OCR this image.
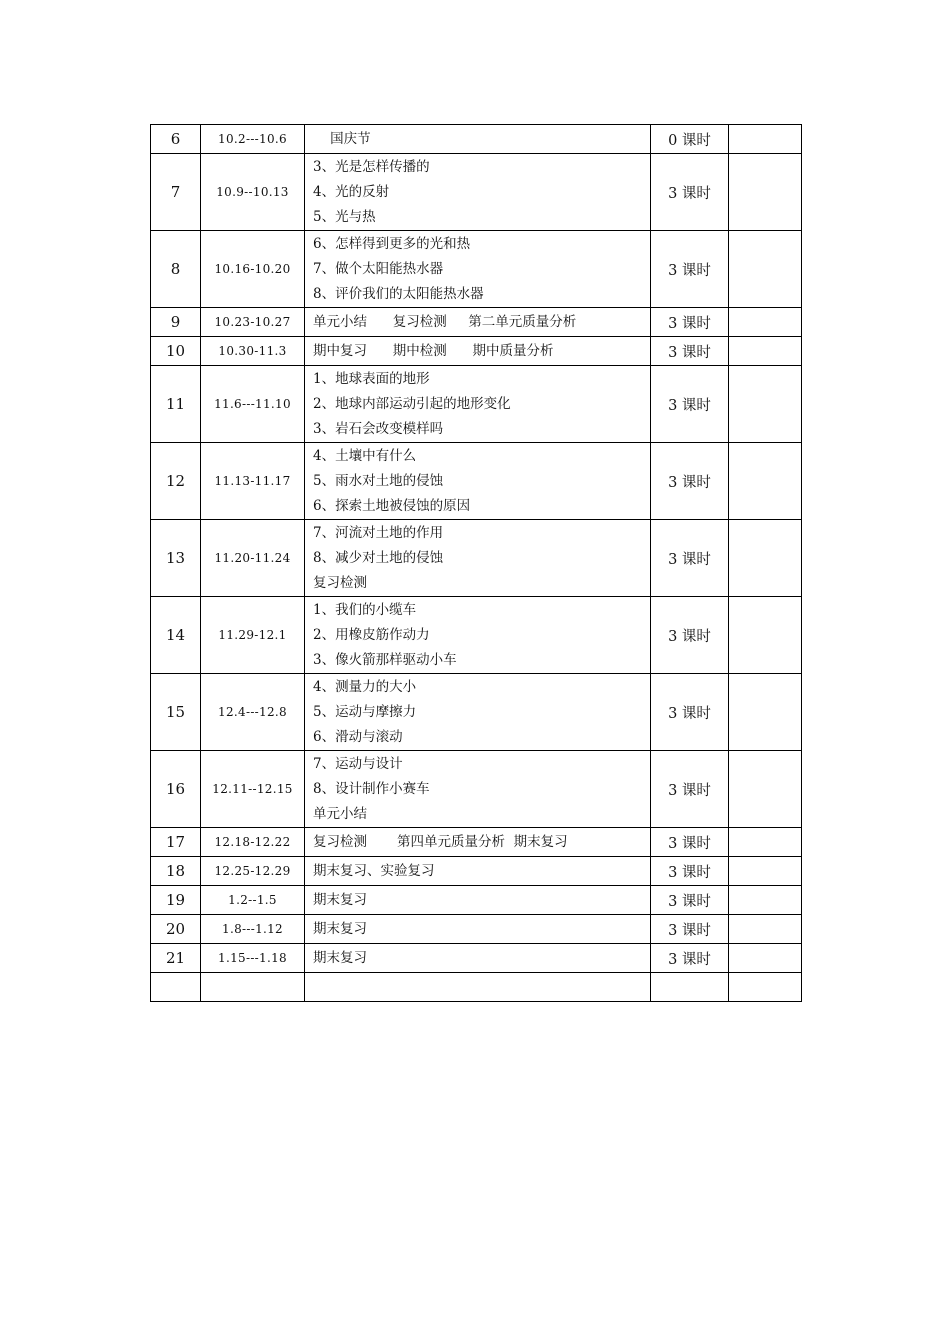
6	10.2---10.6	国庆节	0 课时	
7	10.9--10.13	3、光是怎样传播的
4、光的反射
5、光与热	3 课时	
8	10.16-10.20	6、怎样得到更多的光和热
7、做个太阳能热水器
8、评价我们的太阳能热水器	3 课时	
9	10.23-10.27	单元小结      复习检测     第二单元质量分析	3 课时	
10	10.30-11.3	期中复习      期中检测      期中质量分析	3 课时	
11	11.6---11.10	1、地球表面的地形
2、地球内部运动引起的地形变化
3、岩石会改变模样吗	3 课时	
12	11.13-11.17	4、土壤中有什么
5、雨水对土地的侵蚀
6、探索土地被侵蚀的原因	3 课时	
13	11.20-11.24	7、河流对土地的作用
8、减少对土地的侵蚀
复习检测	3 课时	
14	11.29-12.1	1、我们的小缆车
2、用橡皮筋作动力
3、像火箭那样驱动小车	3 课时	
15	12.4---12.8	4、测量力的大小
5、运动与摩擦力
6、滑动与滚动	3 课时	
16	12.11--12.15	7、运动与设计
8、设计制作小赛车
单元小结	3 课时	
17	12.18-12.22	复习检测       第四单元质量分析  期末复习	3 课时	
18	12.25-12.29	期末复习、实验复习	3 课时	
19	1.2--1.5	期末复习	3 课时	
20	1.8---1.12	期末复习	3 课时	
21	1.15---1.18	期末复习	3 课时	
